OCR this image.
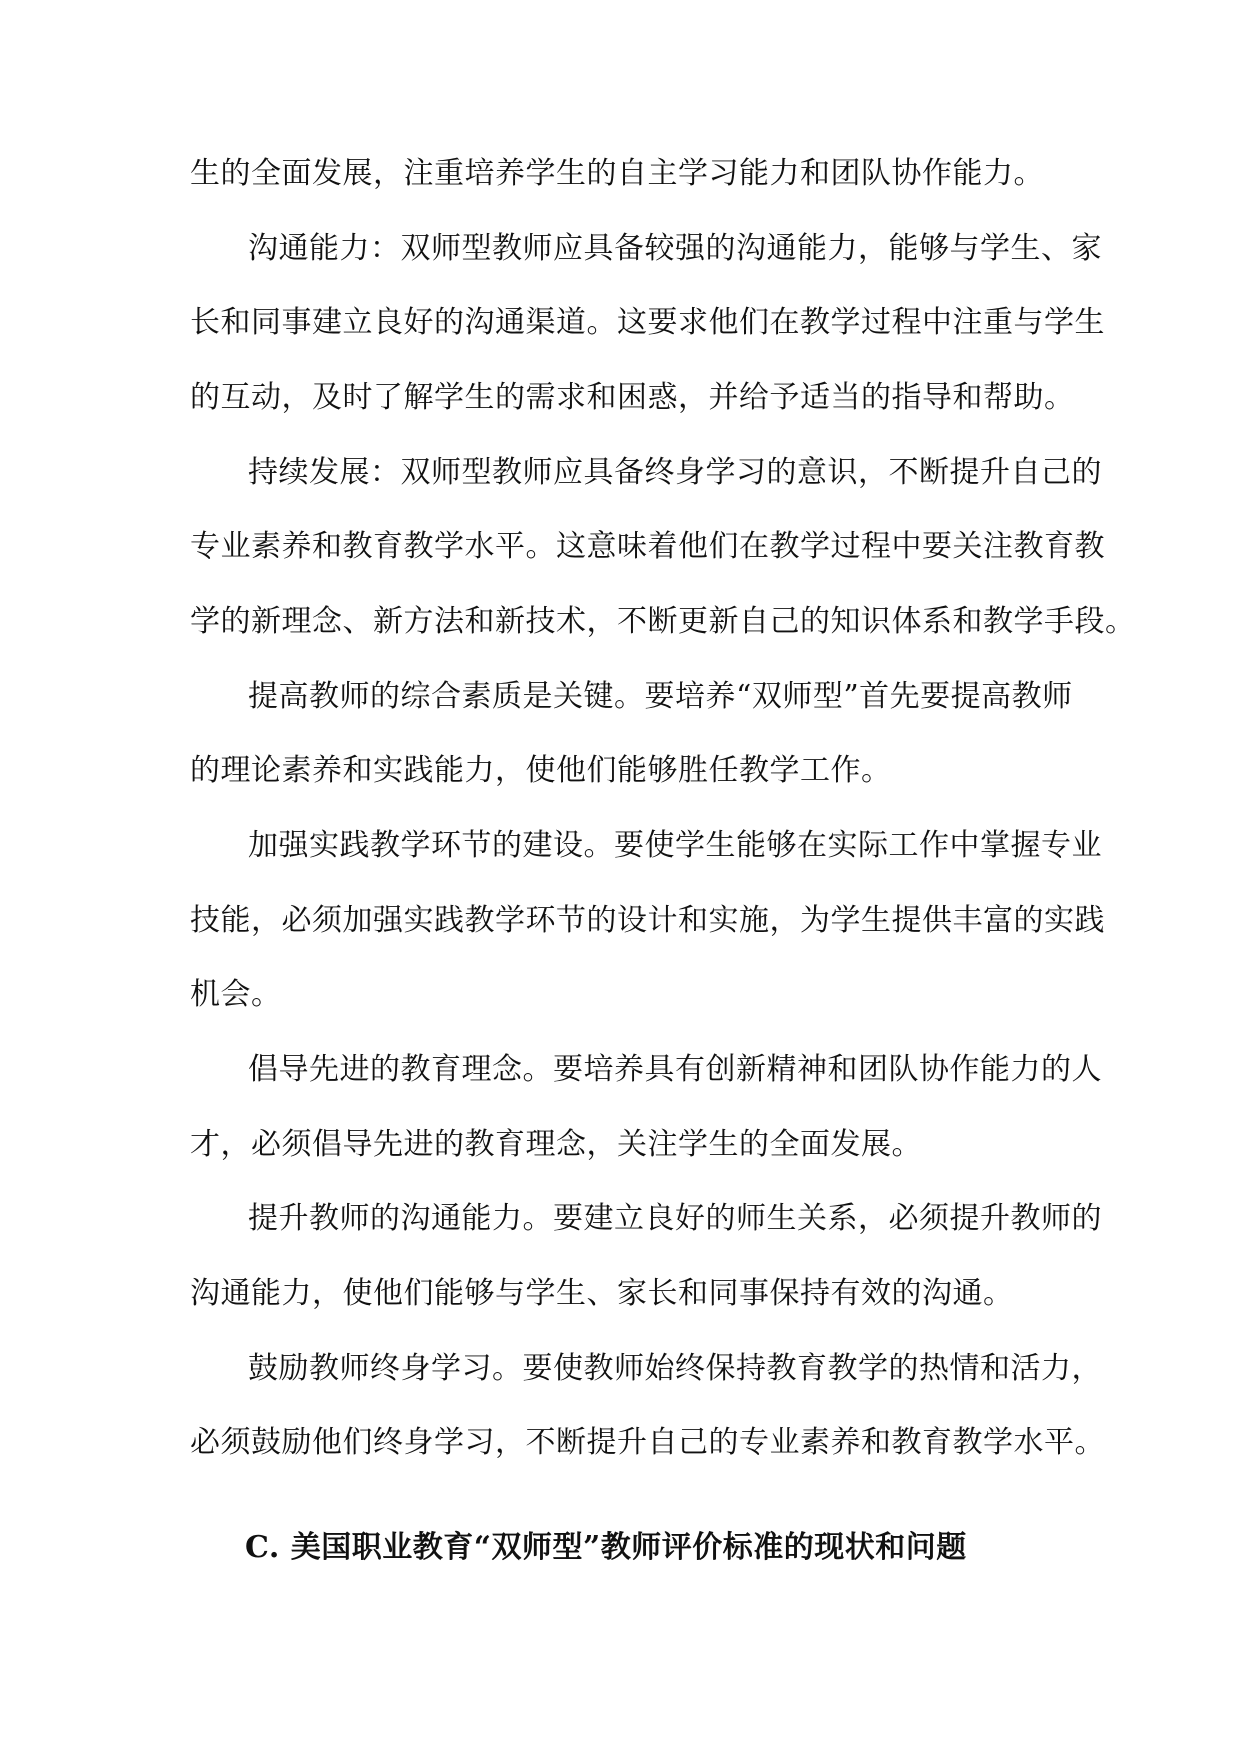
生的全面发展，注重培养学生的自主学习能力和团队协作能力。
沟通能力：双师型教师应具备较强的沟通能力，能够与学生、家
长和同事建立良好的沟通渠道。这要求他们在教学过程中注重与学生
的互动，及时了解学生的需求和困惑，并给予适当的指导和帮助。
持续发展：双师型教师应具备终身学习的意识，不断提升自己的
专业素养和教育教学水平。这意味着他们在教学过程中要关注教育教
学的新理念、新方法和新技术，不断更新自己的知识体系和教学手段。
提高教师的综合素质是关键。要培养“双师型”首先要提高教师
的理论素养和实践能力，使他们能够胜任教学工作。
加强实践教学环节的建设。要使学生能够在实际工作中掌握专业
技能，必须加强实践教学环节的设计和实施，为学生提供丰富的实践
机会。
倡导先进的教育理念。要培养具有创新精神和团队协作能力的人
才，必须倡导先进的教育理念，关注学生的全面发展。
提升教师的沟通能力。要建立良好的师生关系，必须提升教师的
沟通能力，使他们能够与学生、家长和同事保持有效的沟通。
鼓励教师终身学习。要使教师始终保持教育教学的热情和活力，
必须鼓励他们终身学习，不断提升自己的专业素养和教育教学水平。
C. 美国职业教育“双师型”教师评价标准的现状和问题
